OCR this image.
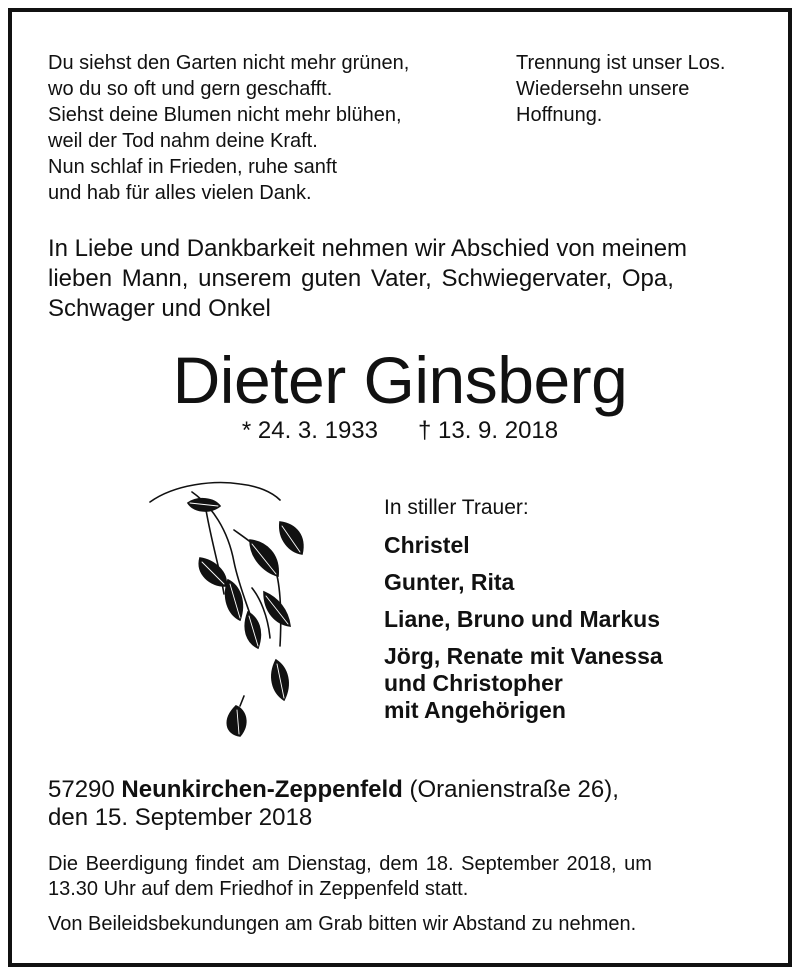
Du siehst den Garten nicht mehr grünen,
wo du so oft und gern geschafft.
Siehst deine Blumen nicht mehr blühen,
weil der Tod nahm deine Kraft.
Nun schlaf in Frieden, ruhe sanft
und hab für alles vielen Dank.
Trennung ist unser Los.
Wiedersehn unsere
Hoffnung.
In Liebe und Dankbarkeit nehmen wir Abschied von meinem
lieben Mann, unserem guten Vater, Schwiegervater, Opa,
Schwager und Onkel
Dieter Ginsberg
* 24. 3. 1933 † 13. 9. 2018
In stiller Trauer:
Christel
Gunter, Rita
Liane, Bruno und Markus
Jörg, Renate mit Vanessa
und Christopher
mit Angehörigen
57290 Neunkirchen-Zeppenfeld (Oranienstraße 26),
den 15. September 2018
Die Beerdigung findet am Dienstag, dem 18. September 2018, um
13.30 Uhr auf dem Friedhof in Zeppenfeld statt.
Von Beileidsbekundungen am Grab bitten wir Abstand zu nehmen.
